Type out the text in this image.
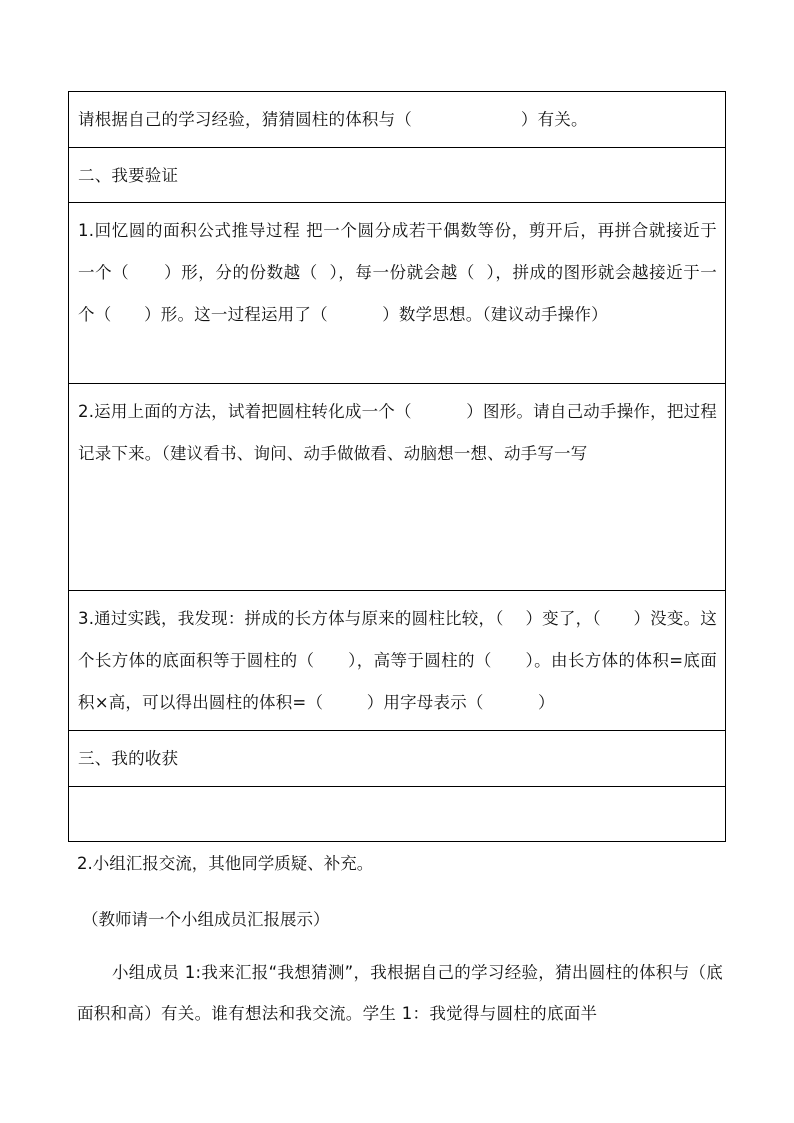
请根据自己的学习经验，猜猜圆柱的体积与（                    ）有关。

二、我要验证

1.回忆圆的面积公式推导过程 把一个圆分成若干偶数等份，剪开后，再拼合就接近于一个（      ）形，分的份数越（  ），每一份就会越（  ），拼成的图形就会越接近于一个（      ）形。这一过程运用了（          ）数学思想。（建议动手操作）

2.运用上面的方法，试着把圆柱转化成一个（          ）图形。请自己动手操作，把过程记录下来。（建议看书、询问、动手做做看、动脑想一想、动手写一写

3.通过实践，我发现：拼成的长方体与原来的圆柱比较，（    ）变了，（      ）没变。这个长方体的底面积等于圆柱的（      ），高等于圆柱的（      ）。由长方体的体积=底面积×高，可以得出圆柱的体积=（        ）用字母表示（          ）

三、我的收获

2.小组汇报交流，其他同学质疑、补充。

（教师请一个小组成员汇报展示）

小组成员 1:我来汇报“我想猜测”，我根据自己的学习经验，猜出圆柱的体积与（底面积和高）有关。谁有想法和我交流。学生 1：我觉得与圆柱的底面半
